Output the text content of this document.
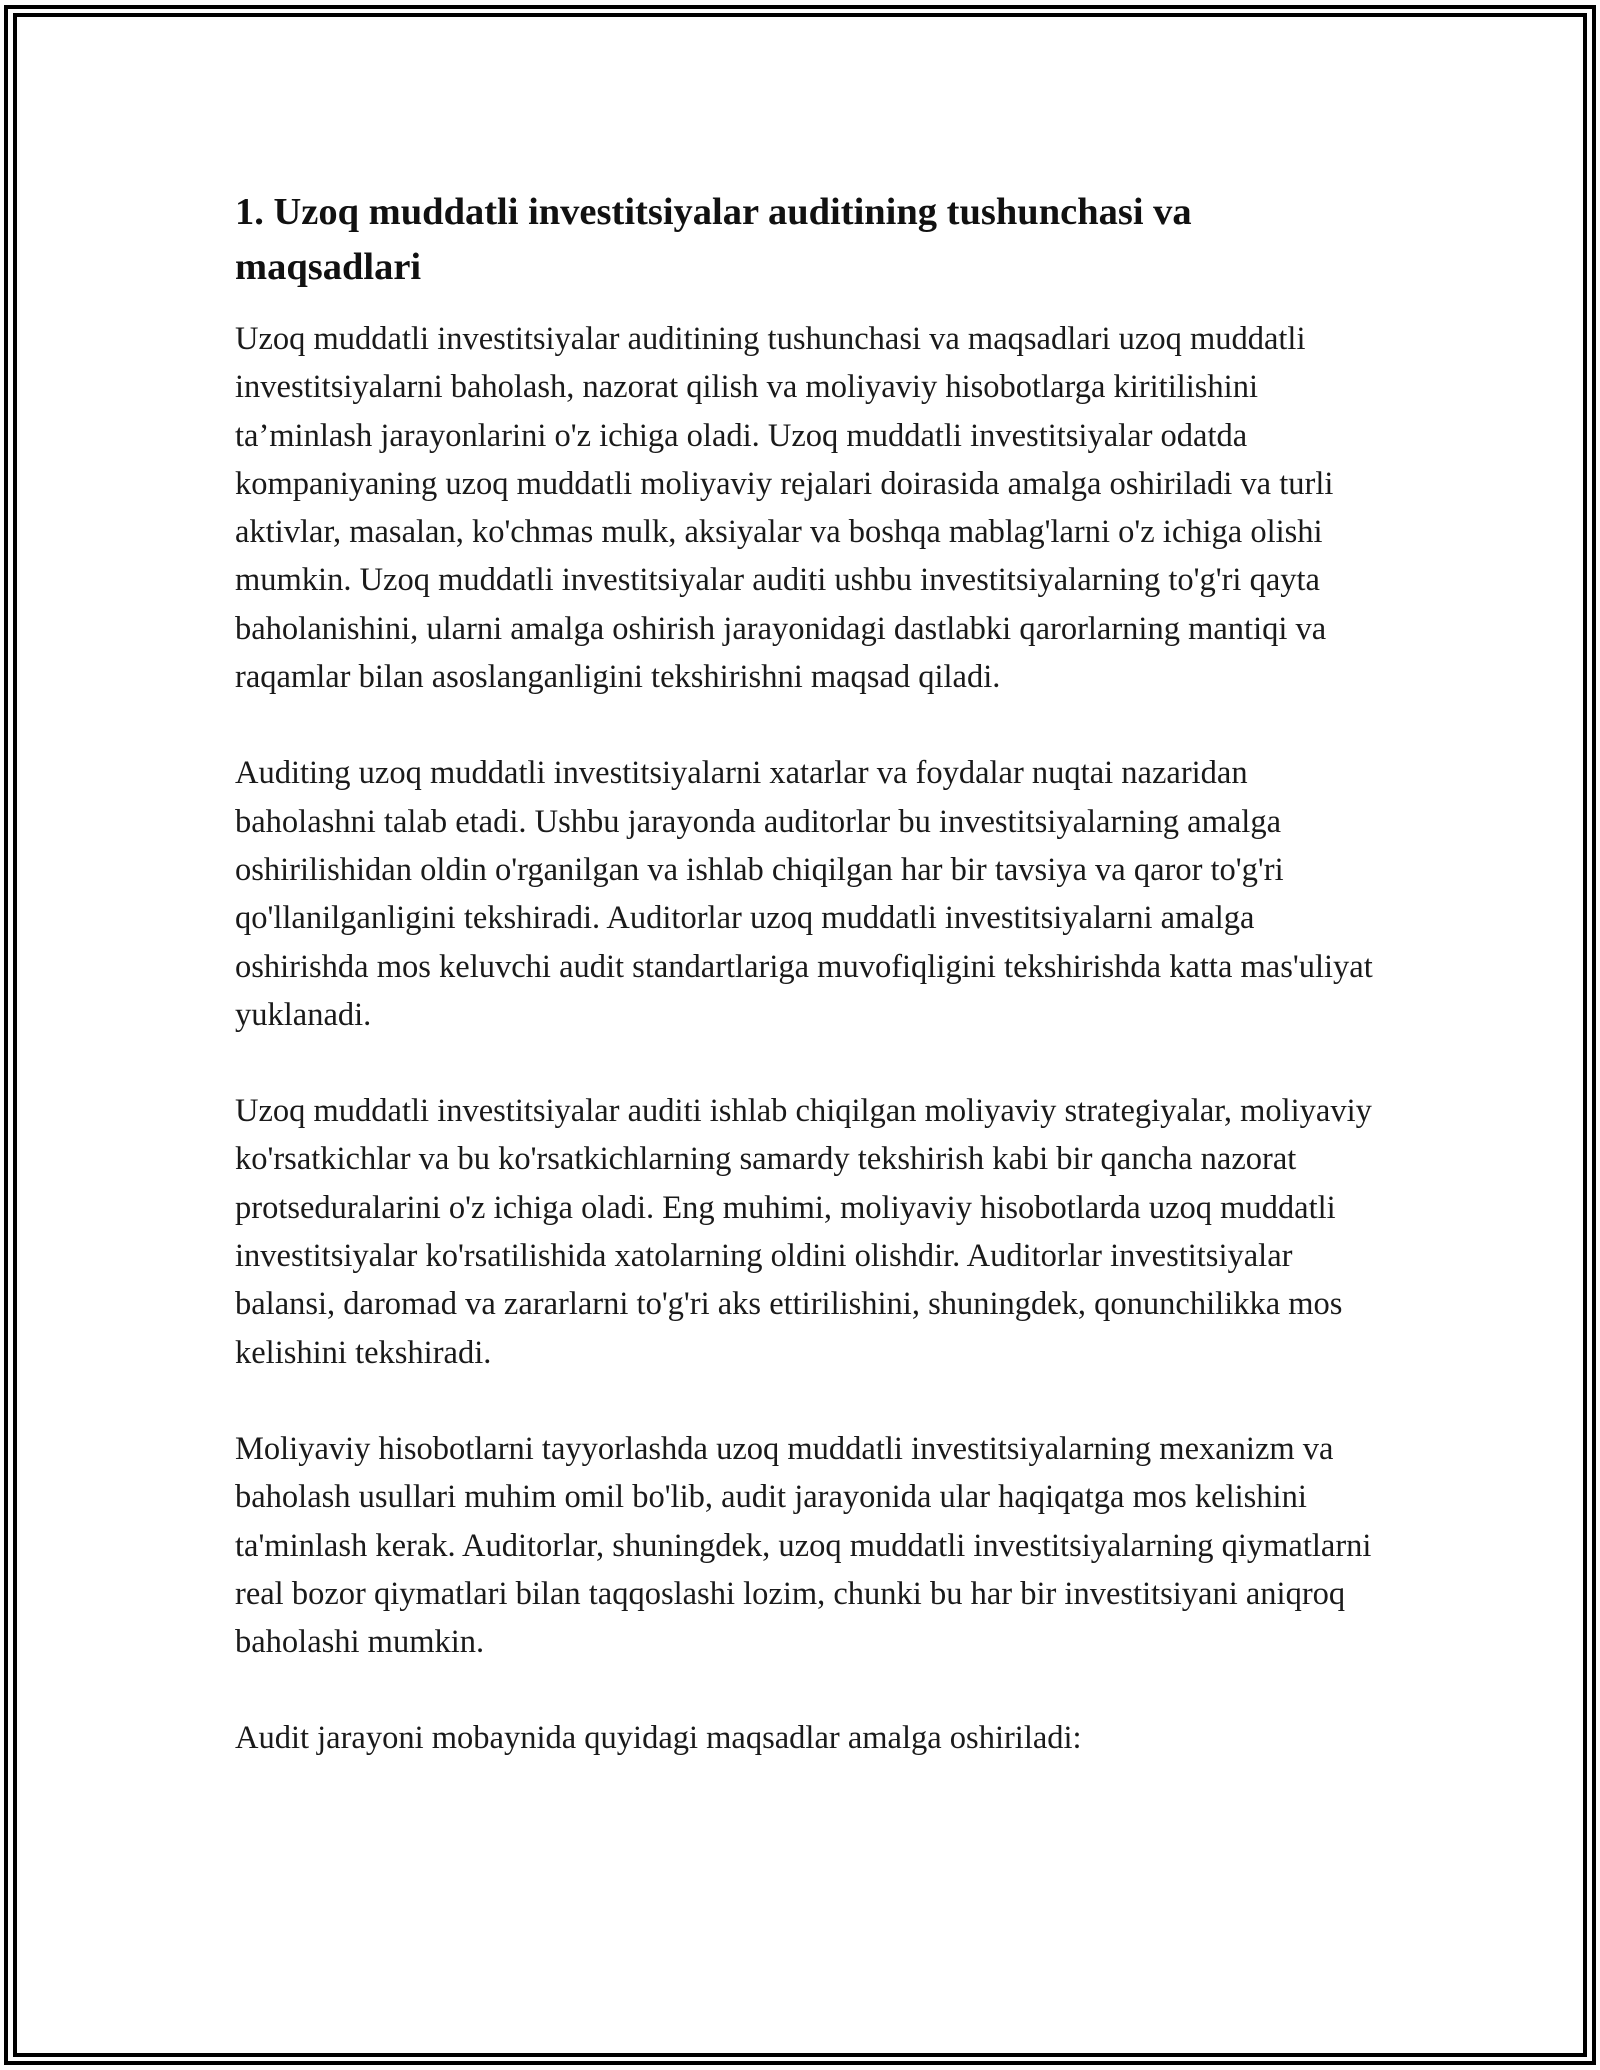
1. Uzoq muddatli investitsiyalar auditining tushunchasi va maqsadlari

Uzoq muddatli investitsiyalar auditining tushunchasi va maqsadlari uzoq muddatli investitsiyalarni baholash, nazorat qilish va moliyaviy hisobotlarga kiritilishini ta’minlash jarayonlarini o'z ichiga oladi. Uzoq muddatli investitsiyalar odatda kompaniyaning uzoq muddatli moliyaviy rejalari doirasida amalga oshiriladi va turli aktivlar, masalan, ko'chmas mulk, aksiyalar va boshqa mablag'larni o'z ichiga olishi mumkin. Uzoq muddatli investitsiyalar auditi ushbu investitsiyalarning to'g'ri qayta baholanishini, ularni amalga oshirish jarayonidagi dastlabki qarorlarning mantiqi va raqamlar bilan asoslanganligini tekshirishni maqsad qiladi.

Auditing uzoq muddatli investitsiyalarni xatarlar va foydalar nuqtai nazaridan baholashni talab etadi. Ushbu jarayonda auditorlar bu investitsiyalarning amalga oshirilishidan oldin o'rganilgan va ishlab chiqilgan har bir tavsiya va qaror to'g'ri qo'llanilganligini tekshiradi. Auditorlar uzoq muddatli investitsiyalarni amalga oshirishda mos keluvchi audit standartlariga muvofiqligini tekshirishda katta mas'uliyat yuklanadi.

Uzoq muddatli investitsiyalar auditi ishlab chiqilgan moliyaviy strategiyalar, moliyaviy ko'rsatkichlar va bu ko'rsatkichlarning samardy tekshirish kabi bir qancha nazorat protseduralarini o'z ichiga oladi. Eng muhimi, moliyaviy hisobotlarda uzoq muddatli investitsiyalar ko'rsatilishida xatolarning oldini olishdir. Auditorlar investitsiyalar balansi, daromad va zararlarni to'g'ri aks ettirilishini, shuningdek, qonunchilikka mos kelishini tekshiradi.

Moliyaviy hisobotlarni tayyorlashda uzoq muddatli investitsiyalarning mexanizm va baholash usullari muhim omil bo'lib, audit jarayonida ular haqiqatga mos kelishini ta'minlash kerak. Auditorlar, shuningdek, uzoq muddatli investitsiyalarning qiymatlarni real bozor qiymatlari bilan taqqoslashi lozim, chunki bu har bir investitsiyani aniqroq baholashi mumkin.

Audit jarayoni mobaynida quyidagi maqsadlar amalga oshiriladi:
